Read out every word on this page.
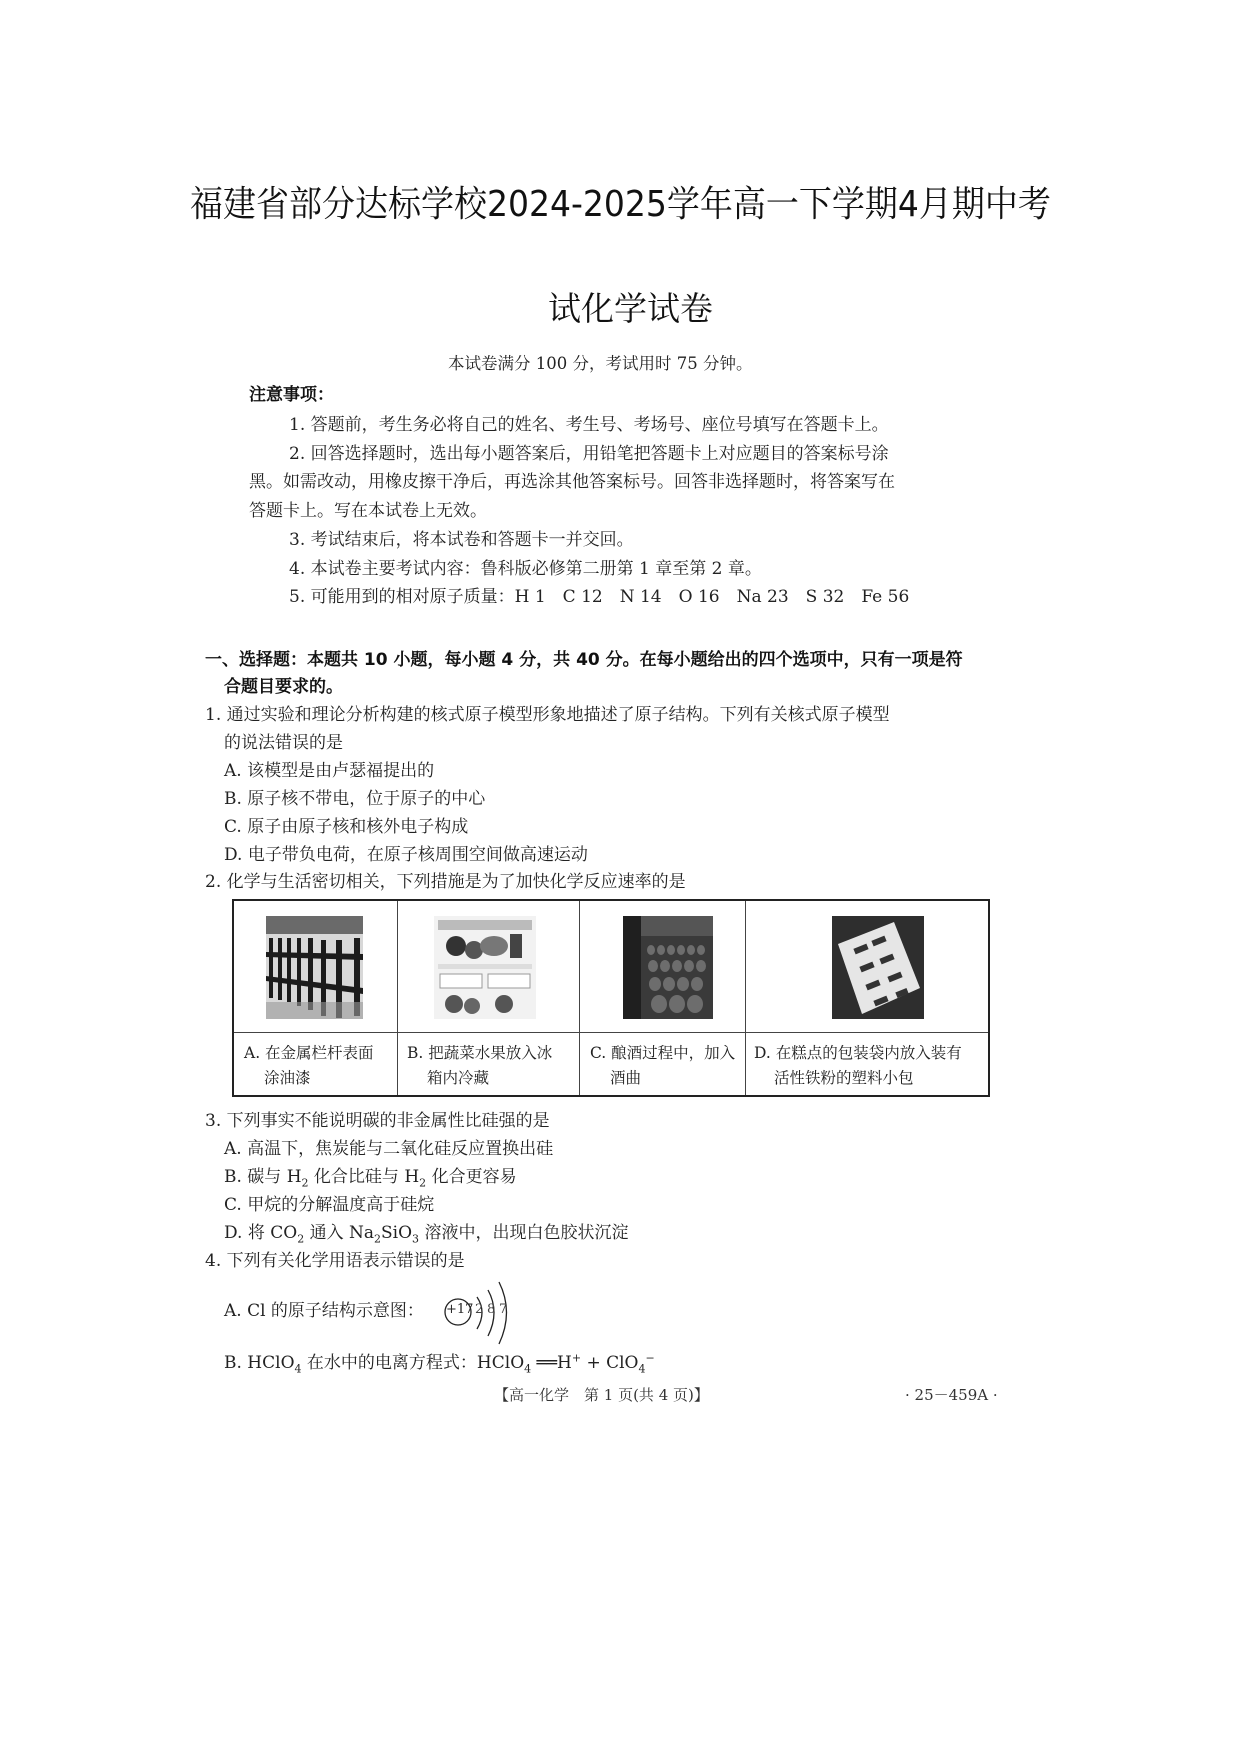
福建省部分达标学校2024-2025学年高一下学期4月期中考
试化学试卷
本试卷满分 100 分，考试用时 75 分钟。
注意事项：
1. 答题前，考生务必将自己的姓名、考生号、考场号、座位号填写在答题卡上。
2. 回答选择题时，选出每小题答案后，用铅笔把答题卡上对应题目的答案标号涂
黑。如需改动，用橡皮擦干净后，再选涂其他答案标号。回答非选择题时，将答案写在
答题卡上。写在本试卷上无效。
3. 考试结束后，将本试卷和答题卡一并交回。
4. 本试卷主要考试内容：鲁科版必修第二册第 1 章至第 2 章。
5. 可能用到的相对原子质量：H 1　C 12　N 14　O 16　Na 23　S 32　Fe 56
一、选择题：本题共 10 小题，每小题 4 分，共 40 分。在每小题给出的四个选项中，只有一项是符
合题目要求的。
1. 通过实验和理论分析构建的核式原子模型形象地描述了原子结构。下列有关核式原子模型
的说法错误的是
A. 该模型是由卢瑟福提出的
B. 原子核不带电，位于原子的中心
C. 原子由原子核和核外电子构成
D. 电子带负电荷，在原子核周围空间做高速运动
2. 化学与生活密切相关，下列措施是为了加快化学反应速率的是
A. 在金属栏杆表面
涂油漆
B. 把蔬菜水果放入冰
箱内冷藏
C. 酿酒过程中，加入
酒曲
D. 在糕点的包装袋内放入装有
活性铁粉的塑料小包
3. 下列事实不能说明碳的非金属性比硅强的是
A. 高温下，焦炭能与二氧化硅反应置换出硅
B. 碳与 $H_2$ 化合比硅与 $H_2$ 化合更容易
C. 甲烷的分解温度高于硅烷
D. 将 $CO_2$ 通入 $Na_2SiO_3$ 溶液中，出现白色胶状沉淀
4. 下列有关化学用语表示错误的是
A. Cl 的原子结构示意图： +17 2 8 7
B. HClO$_4$ 在水中的电离方程式：HClO$_4$ ══H+ + ClO$_4$−
【高一化学　第 1 页(共 4 页)】	· 25－459A ·
